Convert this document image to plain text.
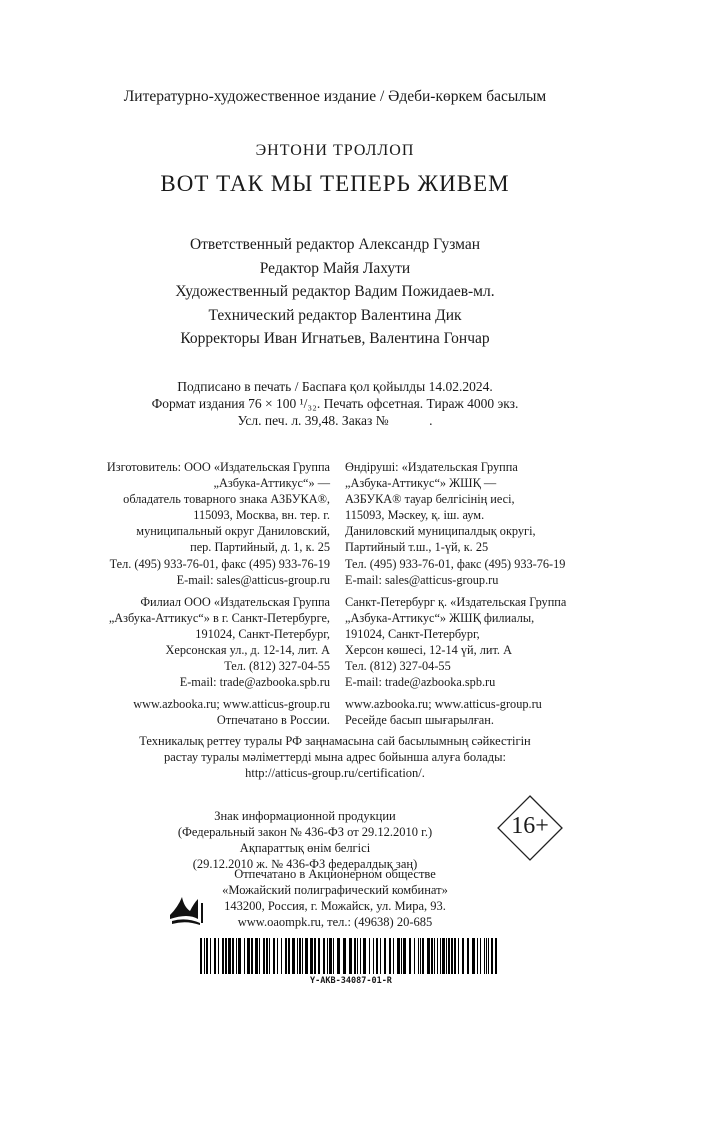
Литературно-художественное издание / Әдеби-көркем басылым
ЭНТОНИ ТРОЛЛОП
ВОТ ТАК МЫ ТЕПЕРЬ ЖИВЕМ
Ответственный редактор Александр Гузман
Редактор Майя Лахути
Художественный редактор Вадим Пожидаев-мл.
Технический редактор Валентина Дик
Корректоры Иван Игнатьев, Валентина Гончар
Подписано в печать / Баспаға қол қойылды 14.02.2024.
Формат издания 76 × 100 ¹/₃₂. Печать офсетная. Тираж 4000 экз.
Усл. печ. л. 39,48. Заказ №            .
Изготовитель: ООО «Издательская Группа
„Азбука-Аттикус“» —
обладатель товарного знака АЗБУКА®,
115093, Москва, вн. тер. г.
муниципальный округ Даниловский,
пер. Партийный, д. 1, к. 25
Тел. (495) 933-76-01, факс (495) 933-76-19
E-mail: sales@atticus-group.ru
Филиал ООО «Издательская Группа
„Азбука-Аттикус“» в г. Санкт-Петербурге,
191024, Санкт-Петербург,
Херсонская ул., д. 12-14, лит. А
Тел. (812) 327-04-55
E-mail: trade@azbooka.spb.ru
www.azbooka.ru; www.atticus-group.ru
Отпечатано в России.
Өндіруші: «Издательская Группа
„Азбука-Аттикус“» ЖШҚ —
АЗБУКА® тауар белгісінің иесі,
115093, Мәскеу, қ. іш. аум.
Даниловский муниципалдық округі,
Партийный т.ш., 1-үй, к. 25
Тел. (495) 933-76-01, факс (495) 933-76-19
E-mail: sales@atticus-group.ru
Санкт-Петербург қ. «Издательская Группа
„Азбука-Аттикус“» ЖШҚ филиалы,
191024, Санкт-Петербург,
Херсон көшесі, 12-14 үй, лит. А
Тел. (812) 327-04-55
E-mail: trade@azbooka.spb.ru
www.azbooka.ru; www.atticus-group.ru
Ресейде басып шығарылған.
Техникалық реттеу туралы РФ заңнамасына сай басылымның сәйкестігін
растау туралы мәліметтерді мына адрес бойынша алуға болады:
http://atticus-group.ru/certification/.
Знак информационной продукции
(Федеральный закон № 436-ФЗ от 29.12.2010 г.)
Ақпараттық өнім белгісі
(29.12.2010 ж. № 436-ФЗ федералдық заң)
16+
Отпечатано в Акционерном обществе
«Можайский полиграфический комбинат»
143200, Россия, г. Можайск, ул. Мира, 93.
www.oaompk.ru, тел.: (49638) 20-685
Y-AKB-34087-01-R
